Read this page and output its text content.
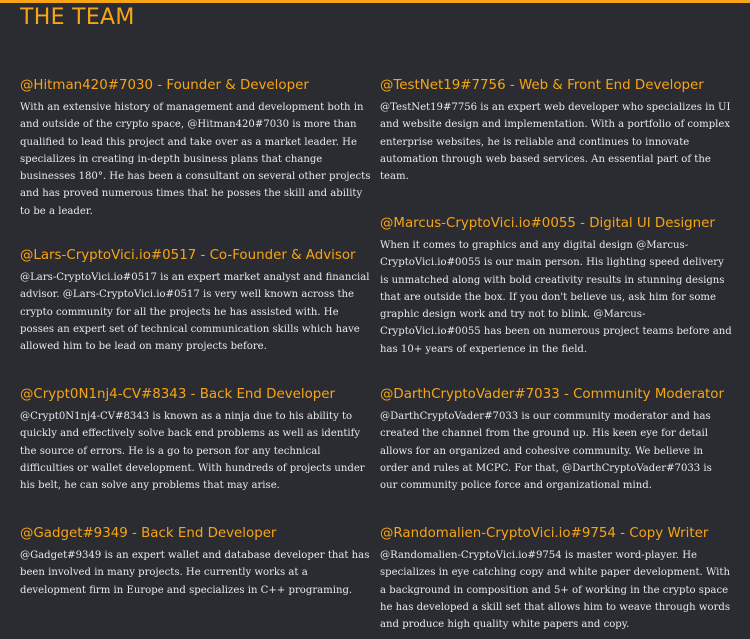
THE TEAM
@Hitman420#7030 - Founder & Developer

With an extensive history of management and development both in and outside of the crypto space, @Hitman420#7030 is more than qualified to lead this project and take over as a market leader. He specializes in creating in-depth business plans that change businesses 180°. He has been a consultant on several other projects and has proved numerous times that he posses the skill and ability to be a leader.

@Lars-CryptoVici.io#0517 - Co-Founder & Advisor

@Lars-CryptoVici.io#0517 is an expert market analyst and financial advisor. @Lars-CryptoVici.io#0517 is very well known across the crypto community for all the projects he has assisted with. He posses an expert set of technical communication skills which have allowed him to be lead on many projects before.

@Crypt0N1nj4-CV#8343 - Back End Developer

@Crypt0N1nj4-CV#8343 is known as a ninja due to his ability to quickly and effectively solve back end problems as well as identify the source of errors. He is a go to person for any technical difficulties or wallet development. With hundreds of projects under his belt, he can solve any problems that may arise.

@Gadget#9349 - Back End Developer

@Gadget#9349 is an expert wallet and database developer that has been involved in many projects. He currently works at a development firm in Europe and specializes in C++ programing.

@TestNet19#7756 - Web & Front End Developer

@TestNet19#7756 is an expert web developer who specializes in UI and website design and implementation. With a portfolio of complex enterprise websites, he is reliable and continues to innovate automation through web based services. An essential part of the team.

@Marcus-CryptoVici.io#0055 - Digital UI Designer

When it comes to graphics and any digital design @Marcus-CryptoVici.io#0055 is our main person. His lighting speed delivery is unmatched along with bold creativity results in stunning designs that are outside the box. If you don't believe us, ask him for some graphic design work and try not to blink. @Marcus-CryptoVici.io#0055 has been on numerous project teams before and has 10+ years of experience in the field.

@DarthCryptoVader#7033 - Community Moderator

@DarthCryptoVader#7033 is our community moderator and has created the channel from the ground up. His keen eye for detail allows for an organized and cohesive community. We believe in order and rules at MCPC. For that, @DarthCryptoVader#7033 is our community police force and organizational mind.

@Randomalien-CryptoVici.io#9754 - Copy Writer

@Randomalien-CryptoVici.io#9754 is master word-player. He specializes in eye catching copy and white paper development. With a background in composition and 5+ of working in the crypto space he has developed a skill set that allows him to weave through words and produce high quality white papers and copy.
